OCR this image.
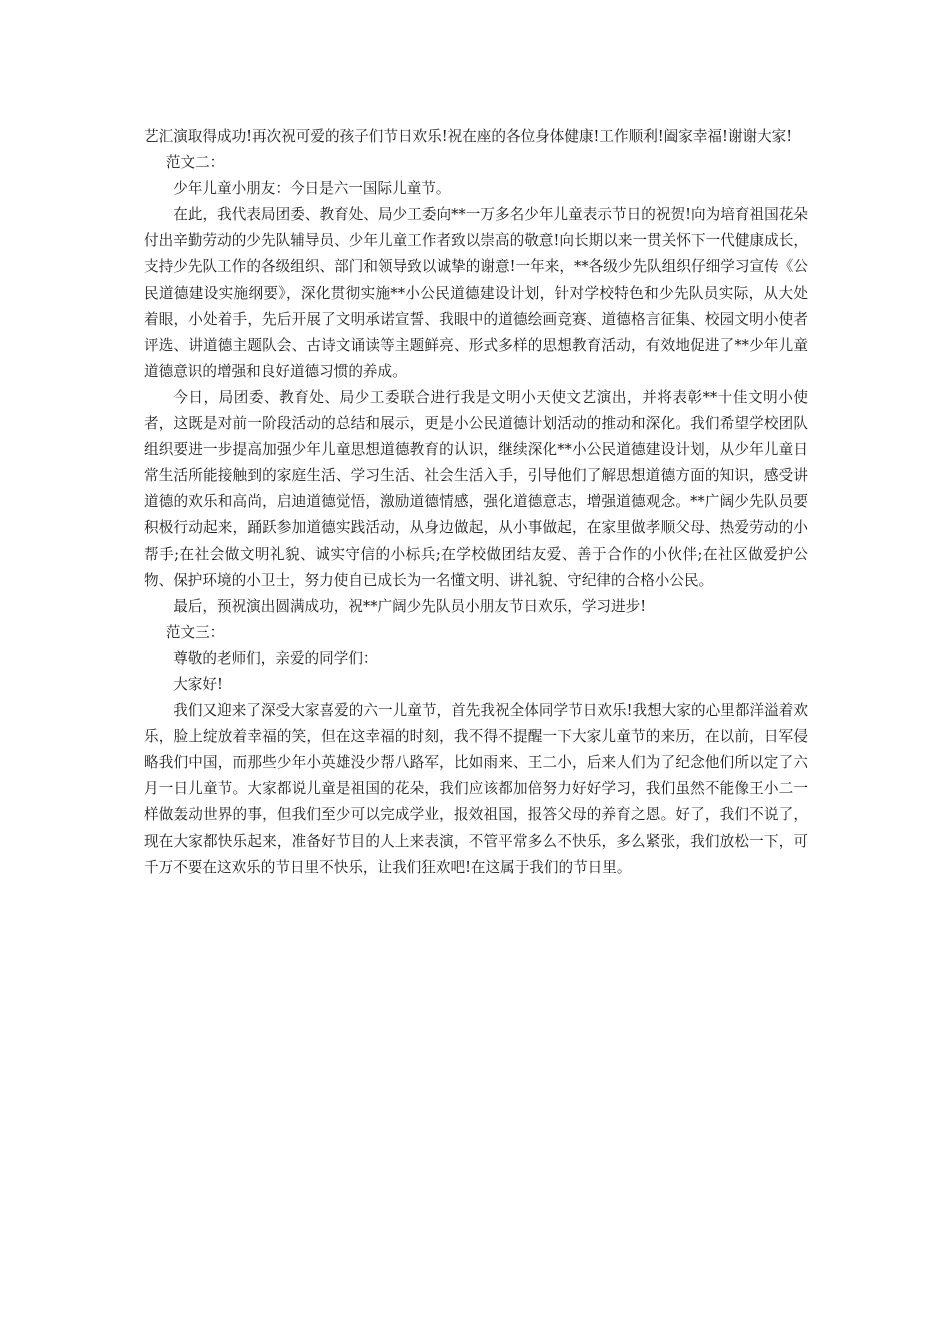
艺汇演取得成功!再次祝可爱的孩子们节日欢乐!祝在座的各位身体健康!工作顺利!阖家幸福!谢谢大家!

范文二：

少年儿童小朋友：今日是六一国际儿童节。

在此，我代表局团委、教育处、局少工委向**一万多名少年儿童表示节日的祝贺!向为培育祖国花朵付出辛勤劳动的少先队辅导员、少年儿童工作者致以崇高的敬意!向长期以来一贯关怀下一代健康成长，支持少先队工作的各级组织、部门和领导致以诚挚的谢意!一年来，**各级少先队组织仔细学习宣传《公民道德建设实施纲要》，深化贯彻实施**小公民道德建设计划，针对学校特色和少先队员实际，从大处着眼，小处着手，先后开展了文明承诺宣誓、我眼中的道德绘画竞赛、道德格言征集、校园文明小使者评选、讲道德主题队会、古诗文诵读等主题鲜亮、形式多样的思想教育活动，有效地促进了**少年儿童道德意识的增强和良好道德习惯的养成。

今日，局团委、教育处、局少工委联合进行我是文明小天使文艺演出，并将表彰**十佳文明小使者，这既是对前一阶段活动的总结和展示，更是小公民道德计划活动的推动和深化。我们希望学校团队组织要进一步提高加强少年儿童思想道德教育的认识，继续深化**小公民道德建设计划，从少年儿童日常生活所能接触到的家庭生活、学习生活、社会生活入手，引导他们了解思想道德方面的知识，感受讲道德的欢乐和高尚，启迪道德觉悟，激励道德情感，强化道德意志，增强道德观念。**广阔少先队员要积极行动起来，踊跃参加道德实践活动，从身边做起，从小事做起，在家里做孝顺父母、热爱劳动的小帮手;在社会做文明礼貌、诚实守信的小标兵;在学校做团结友爱、善于合作的小伙伴;在社区做爱护公物、保护环境的小卫士，努力使自已成长为一名懂文明、讲礼貌、守纪律的合格小公民。

最后，预祝演出圆满成功，祝**广阔少先队员小朋友节日欢乐，学习进步!

范文三：

尊敬的老师们，亲爱的同学们：

大家好!

我们又迎来了深受大家喜爱的六一儿童节，首先我祝全体同学节日欢乐!我想大家的心里都洋溢着欢乐，脸上绽放着幸福的笑，但在这幸福的时刻，我不得不提醒一下大家儿童节的来历，在以前，日军侵略我们中国，而那些少年小英雄没少帮八路军，比如雨来、王二小，后来人们为了纪念他们所以定了六月一日儿童节。大家都说儿童是祖国的花朵，我们应该都加倍努力好好学习，我们虽然不能像王小二一样做轰动世界的事，但我们至少可以完成学业，报效祖国，报答父母的养育之恩。好了，我们不说了，现在大家都快乐起来，准备好节目的人上来表演，不管平常多么不快乐，多么紧张，我们放松一下，可千万不要在这欢乐的节日里不快乐，让我们狂欢吧!在这属于我们的节日里。
